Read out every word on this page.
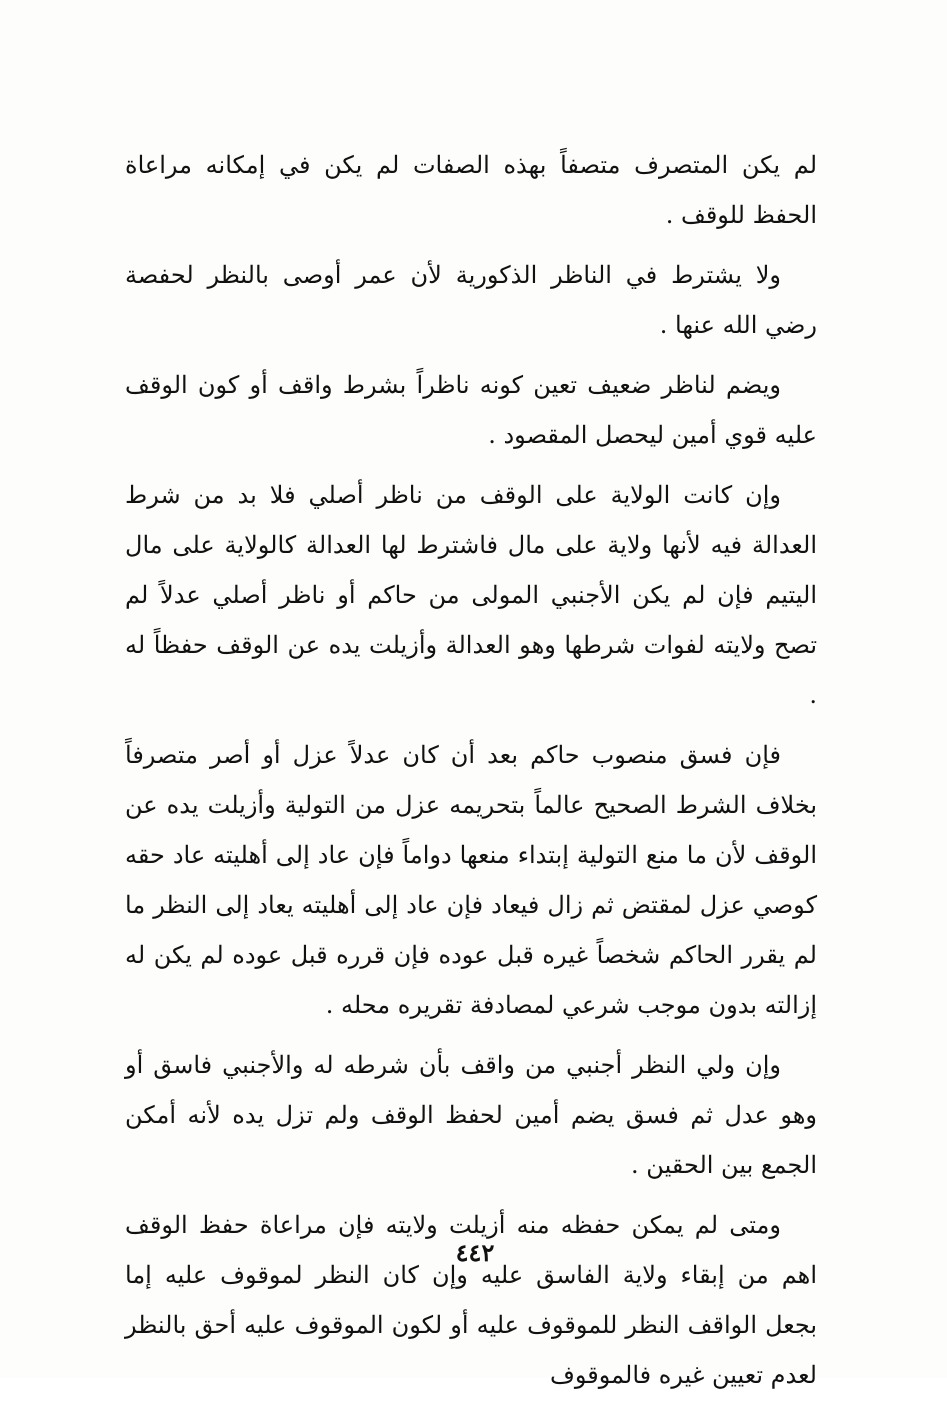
لم يكن المتصرف متصفاً بهذه الصفات لم يكن في إمكانه مراعاة الحفظ للوقف .

ولا يشترط في الناظر الذكورية لأن عمر أوصى بالنظر لحفصة رضي الله عنها .

ويضم لناظر ضعيف تعين كونه ناظراً بشرط واقف أو كون الوقف عليه قوي أمين ليحصل المقصود .

وإن كانت الولاية على الوقف من ناظر أصلي فلا بد من شرط العدالة فيه لأنها ولاية على مال فاشترط لها العدالة كالولاية على مال اليتيم فإن لم يكن الأجنبي المولى من حاكم أو ناظر أصلي عدلاً لم تصح ولايته لفوات شرطها وهو العدالة وأزيلت يده عن الوقف حفظاً له .

فإن فسق منصوب حاكم بعد أن كان عدلاً عزل أو أصر متصرفاً بخلاف الشرط الصحيح عالماً بتحريمه عزل من التولية وأزيلت يده عن الوقف لأن ما منع التولية إبتداء منعها دواماً فإن عاد إلى أهليته عاد حقه كوصي عزل لمقتض ثم زال فيعاد فإن عاد إلى أهليته يعاد إلى النظر ما لم يقرر الحاكم شخصاً غيره قبل عوده فإن قرره قبل عوده لم يكن له إزالته بدون موجب شرعي لمصادفة تقريره محله .

وإن ولي النظر أجنبي من واقف بأن شرطه له والأجنبي فاسق أو وهو عدل ثم فسق يضم أمين لحفظ الوقف ولم تزل يده لأنه أمكن الجمع بين الحقين .

ومتى لم يمكن حفظه منه أزيلت ولايته فإن مراعاة حفظ الوقف اهم من إبقاء ولاية الفاسق عليه وإن كان النظر لموقوف عليه إما بجعل الواقف النظر للموقوف عليه أو لكون الموقوف عليه أحق بالنظر لعدم تعيين غيره فالموقوف

٤٤٢
